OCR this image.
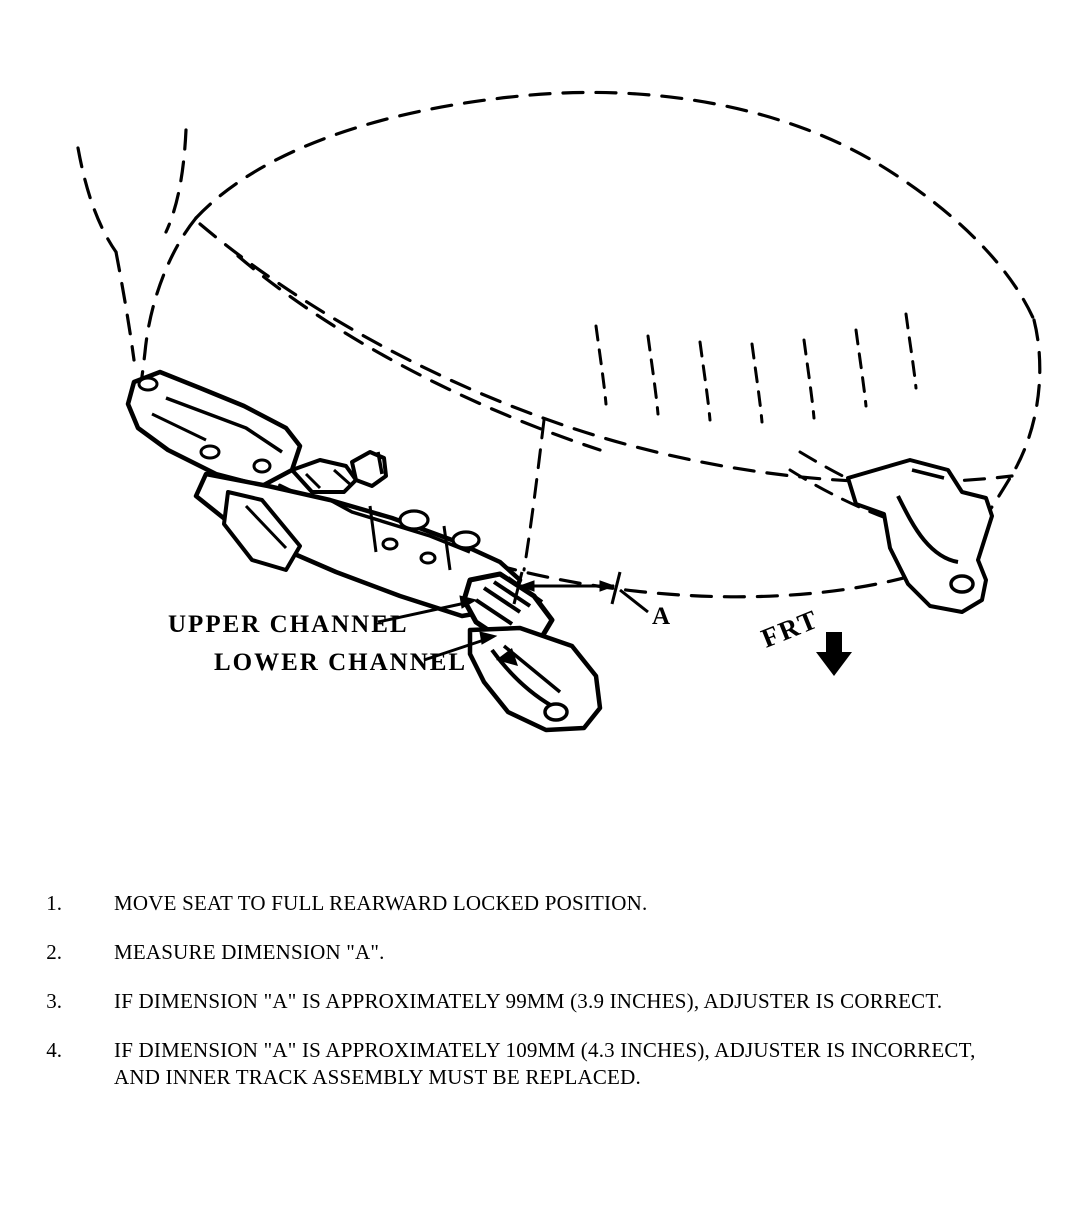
A
UPPER CHANNEL
LOWER CHANNEL
FRT
1.	MOVE SEAT TO FULL REARWARD LOCKED POSITION.
2.	MEASURE DIMENSION "A".
3.	IF DIMENSION "A" IS APPROXIMATELY 99MM (3.9 INCHES), ADJUSTER IS CORRECT.
4.	IF DIMENSION "A" IS APPROXIMATELY 109MM (4.3 INCHES), ADJUSTER IS INCORRECT, AND INNER TRACK ASSEMBLY MUST BE REPLACED.
